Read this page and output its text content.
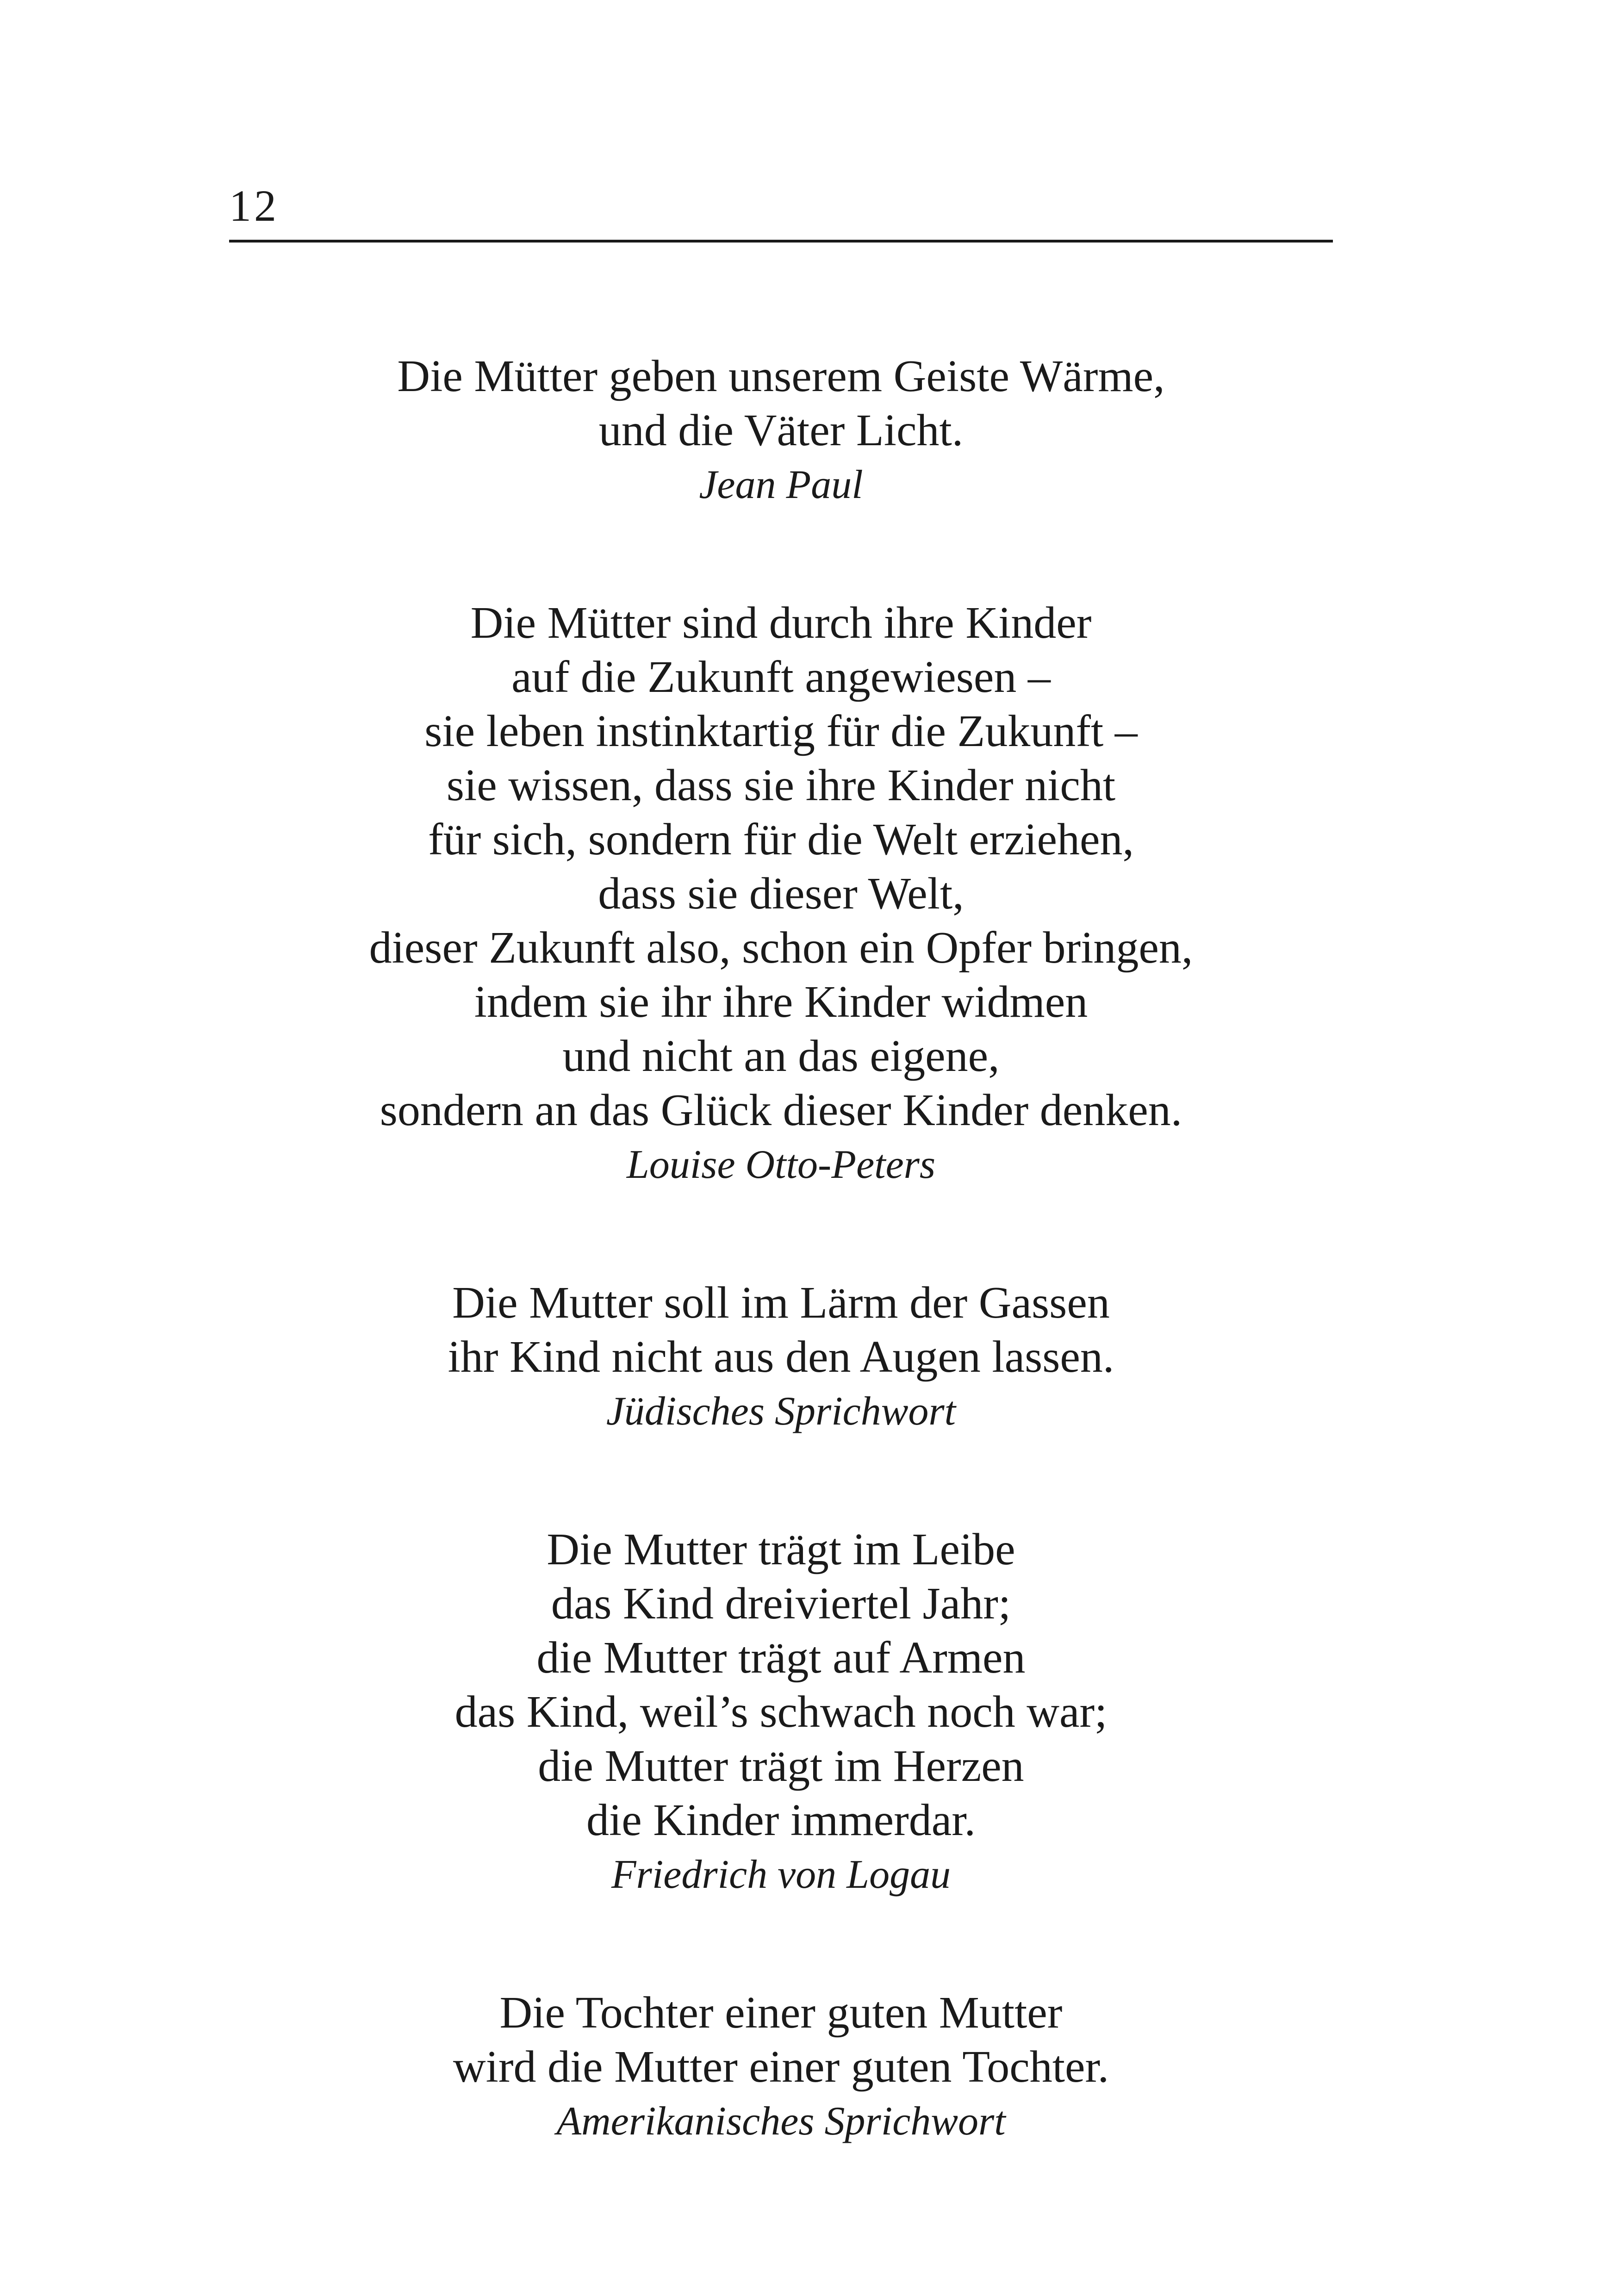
12
Die Mütter geben unserem Geiste Wärme,
und die Väter Licht.
Jean Paul
Die Mütter sind durch ihre Kinder
auf die Zukunft angewiesen –
sie leben instinktartig für die Zukunft –
sie wissen, dass sie ihre Kinder nicht
für sich, sondern für die Welt erziehen,
dass sie dieser Welt,
dieser Zukunft also, schon ein Opfer bringen,
indem sie ihr ihre Kinder widmen
und nicht an das eigene,
sondern an das Glück dieser Kinder denken.
Louise Otto-Peters
Die Mutter soll im Lärm der Gassen
ihr Kind nicht aus den Augen lassen.
Jüdisches Sprichwort
Die Mutter trägt im Leibe
das Kind dreiviertel Jahr;
die Mutter trägt auf Armen
das Kind, weil’s schwach noch war;
die Mutter trägt im Herzen
die Kinder immerdar.
Friedrich von Logau
Die Tochter einer guten Mutter
wird die Mutter einer guten Tochter.
Amerikanisches Sprichwort
